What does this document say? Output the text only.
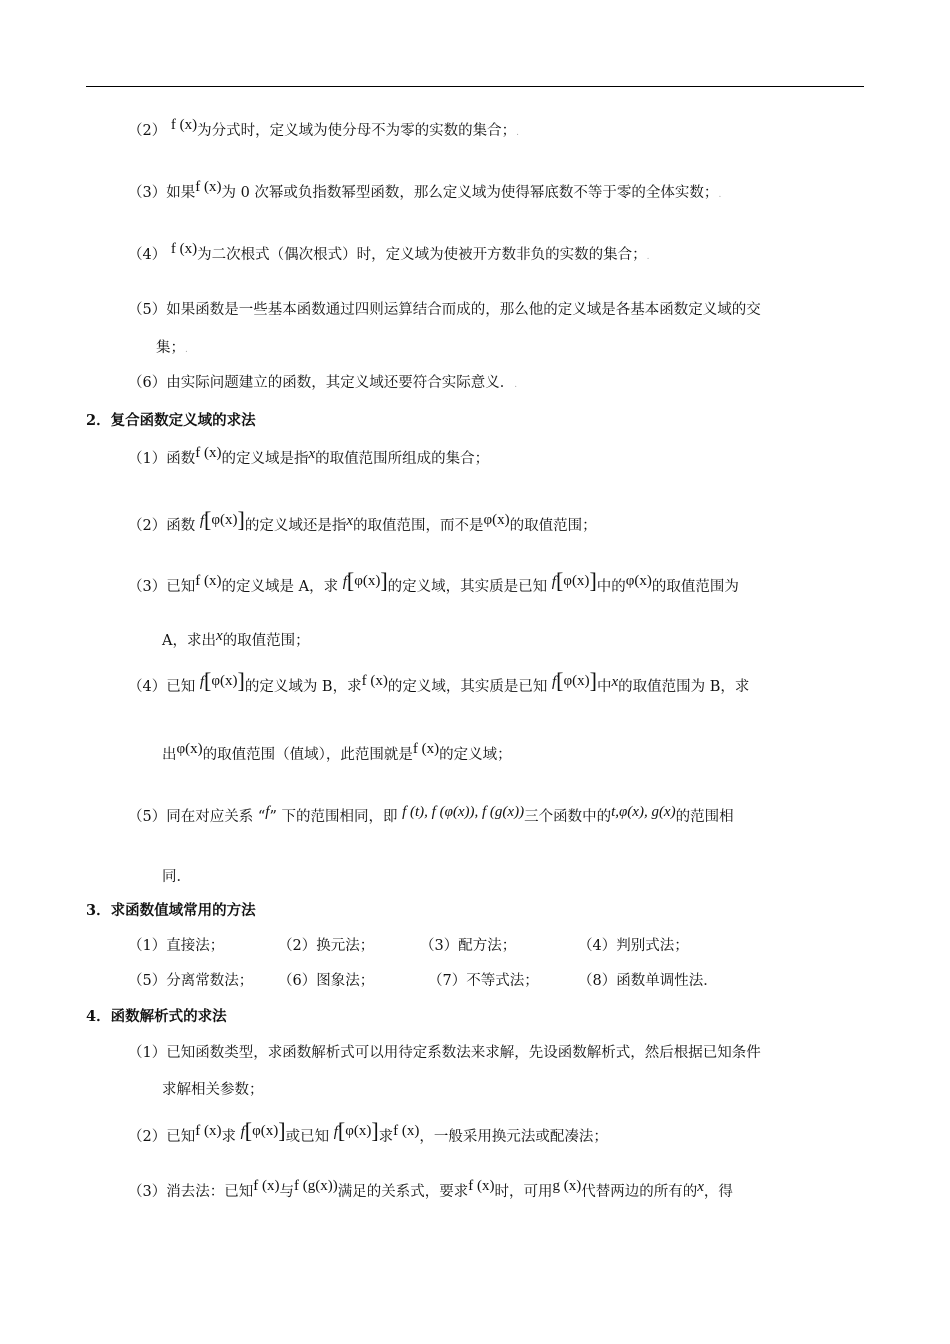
（2） f (x)为分式时，定义域为使分母不为零的实数的集合；.
（3）如果f (x)为 0 次幂或负指数幂型函数，那么定义域为使得幂底数不等于零的全体实数；.
（4） f (x)为二次根式（偶次根式）时，定义域为使被开方数非负的实数的集合；.
（5）如果函数是一些基本函数通过四则运算结合而成的，那么他的定义域是各基本函数定义域的交
集；.
（6）由实际问题建立的函数，其定义域还要符合实际意义．.
2．复合函数定义域的求法
（1）函数f (x)的定义域是指x的取值范围所组成的集合；
（2）函数 f[φ(x)]的定义域还是指x的取值范围，而不是φ(x)的取值范围；
（3）已知f (x)的定义域是 A，求 f[φ(x)]的定义域，其实质是已知 f[φ(x)]中的φ(x)的取值范围为
A，求出x的取值范围；
（4）已知 f[φ(x)]的定义域为 B，求f (x)的定义域，其实质是已知 f[φ(x)]中x的取值范围为 B，求
出φ(x)的取值范围（值域），此范围就是f (x)的定义域；
（5）同在对应关系 “f” 下的范围相同，即 f (t), f (φ(x)), f (g(x))三个函数中的t,φ(x), g(x)的范围相
同．
3．求函数值域常用的方法
（1）直接法；	（2）换元法；	（3）配方法；	（4）判别式法；
（5）分离常数法； （6）图象法；	（7）不等式法；	（8）函数单调性法．
4．函数解析式的求法
（1）已知函数类型，求函数解析式可以用待定系数法来求解，先设函数解析式，然后根据已知条件
求解相关参数；
（2）已知f (x)求 f[φ(x)]或已知 f[φ(x)]求f (x)，一般采用换元法或配凑法；
（3）消去法：已知f (x)与f (g(x))满足的关系式，要求f (x)时，可用g (x)代替两边的所有的x，得
